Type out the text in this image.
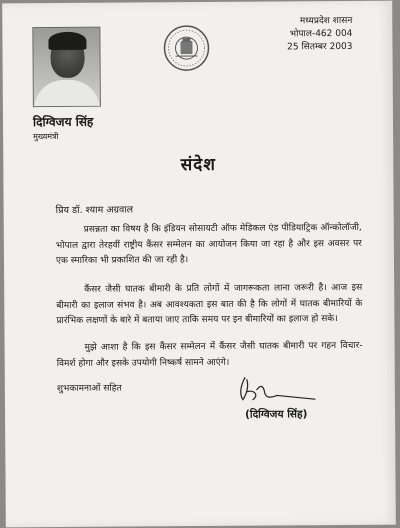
दिग्विजय सिंह
मुख्यमंत्री
मध्यप्रदेश शासन
भोपाल-462 004
25 सितम्बर 2003
संदेश
प्रिय डॉ. श्याम अग्रवाल
प्रसन्नता का विषय है कि इंडियन सोसायटी ऑफ मेडिकल एंड पीडियाट्रिक ऑन्कोलॉजी, भोपाल द्वारा तेरहवीं राष्ट्रीय कैंसर सम्मेलन का आयोजन किया जा रहा है और इस अवसर पर एक स्मारिका भी प्रकाशित की जा रही है।
कैंसर जैसी घातक बीमारी के प्रति लोगों में जागरूकता लाना जरूरी है। आज इस बीमारी का इलाज संभव है। अब आवश्यकता इस बात की है कि लोगों में घातक बीमारियों के प्रारंभिक लक्षणों के बारे में बताया जाए ताकि समय पर इन बीमारियों का इलाज हो सके।
मुझे आशा है कि इस कैंसर सम्मेलन में कैंसर जैसी घातक बीमारी पर गहन विचार-विमर्श होगा और इसके उपयोगी निष्कर्ष सामने आएंगे।
शुभकामनाओं सहित
(दिग्विजय सिंह)
